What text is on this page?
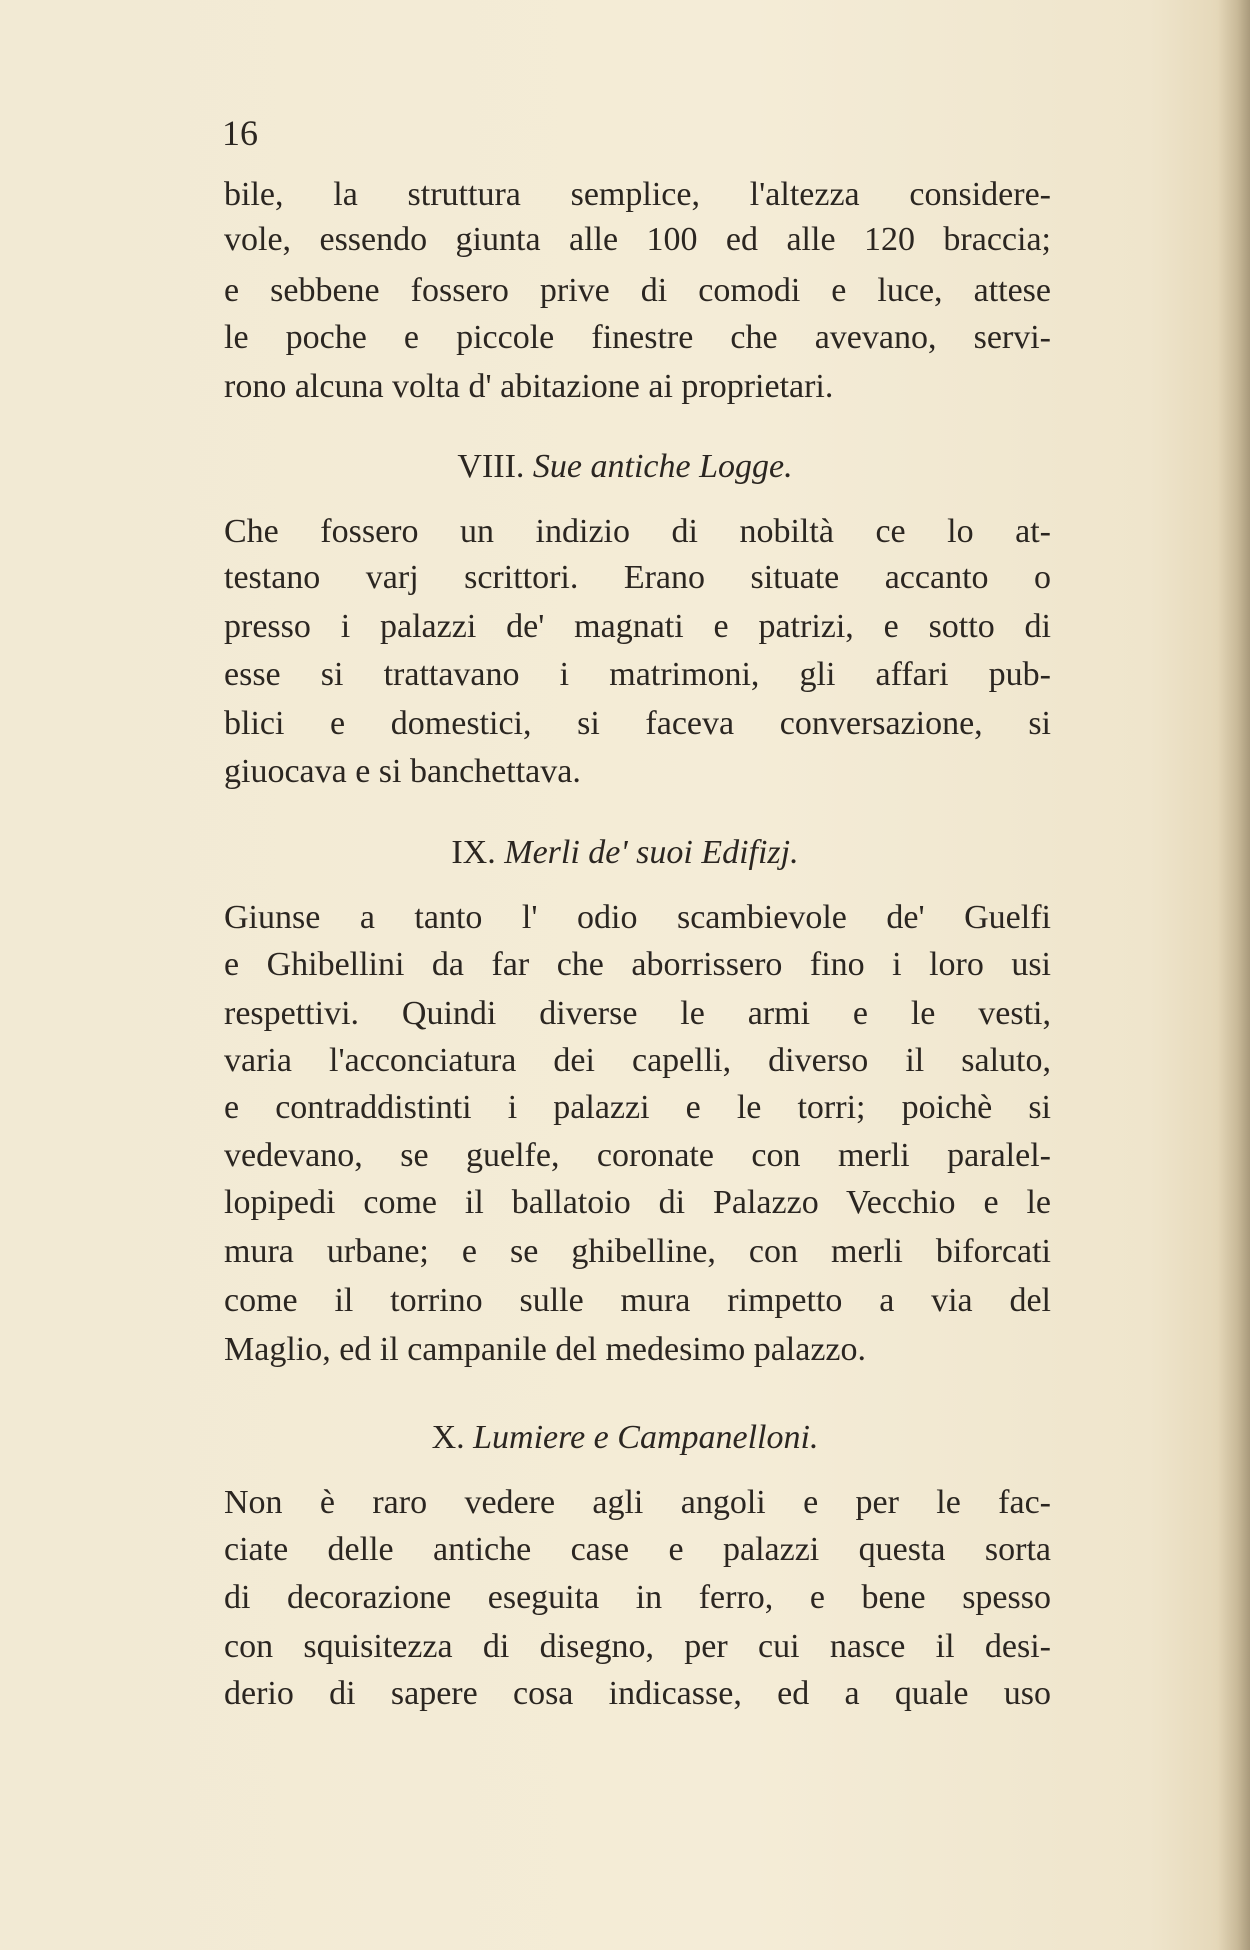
16
bile, la struttura semplice, l'altezza considere-
vole, essendo giunta alle 100 ed alle 120 braccia;
e sebbene fossero prive di comodi e luce, attese
le poche e piccole finestre che avevano, servi-
rono alcuna volta d' abitazione ai proprietari.
VIII. Sue antiche Logge.
Che fossero un indizio di nobiltà ce lo at-
testano varj scrittori. Erano situate accanto o
presso i palazzi de' magnati e patrizi, e sotto di
esse si trattavano i matrimoni, gli affari pub-
blici e domestici, si faceva conversazione, si
giuocava e si banchettava.
IX. Merli de' suoi Edifizj.
Giunse a tanto l' odio scambievole de' Guelfi
e Ghibellini da far che aborrissero fino i loro usi
respettivi. Quindi diverse le armi e le vesti,
varia l'acconciatura dei capelli, diverso il saluto,
e contraddistinti i palazzi e le torri; poichè si
vedevano, se guelfe, coronate con merli paralel-
lopipedi come il ballatoio di Palazzo Vecchio e le
mura urbane; e se ghibelline, con merli biforcati
come il torrino sulle mura rimpetto a via del
Maglio, ed il campanile del medesimo palazzo.
X. Lumiere e Campanelloni.
Non è raro vedere agli angoli e per le fac-
ciate delle antiche case e palazzi questa sorta
di decorazione eseguita in ferro, e bene spesso
con squisitezza di disegno, per cui nasce il desi-
derio di sapere cosa indicasse, ed a quale uso
